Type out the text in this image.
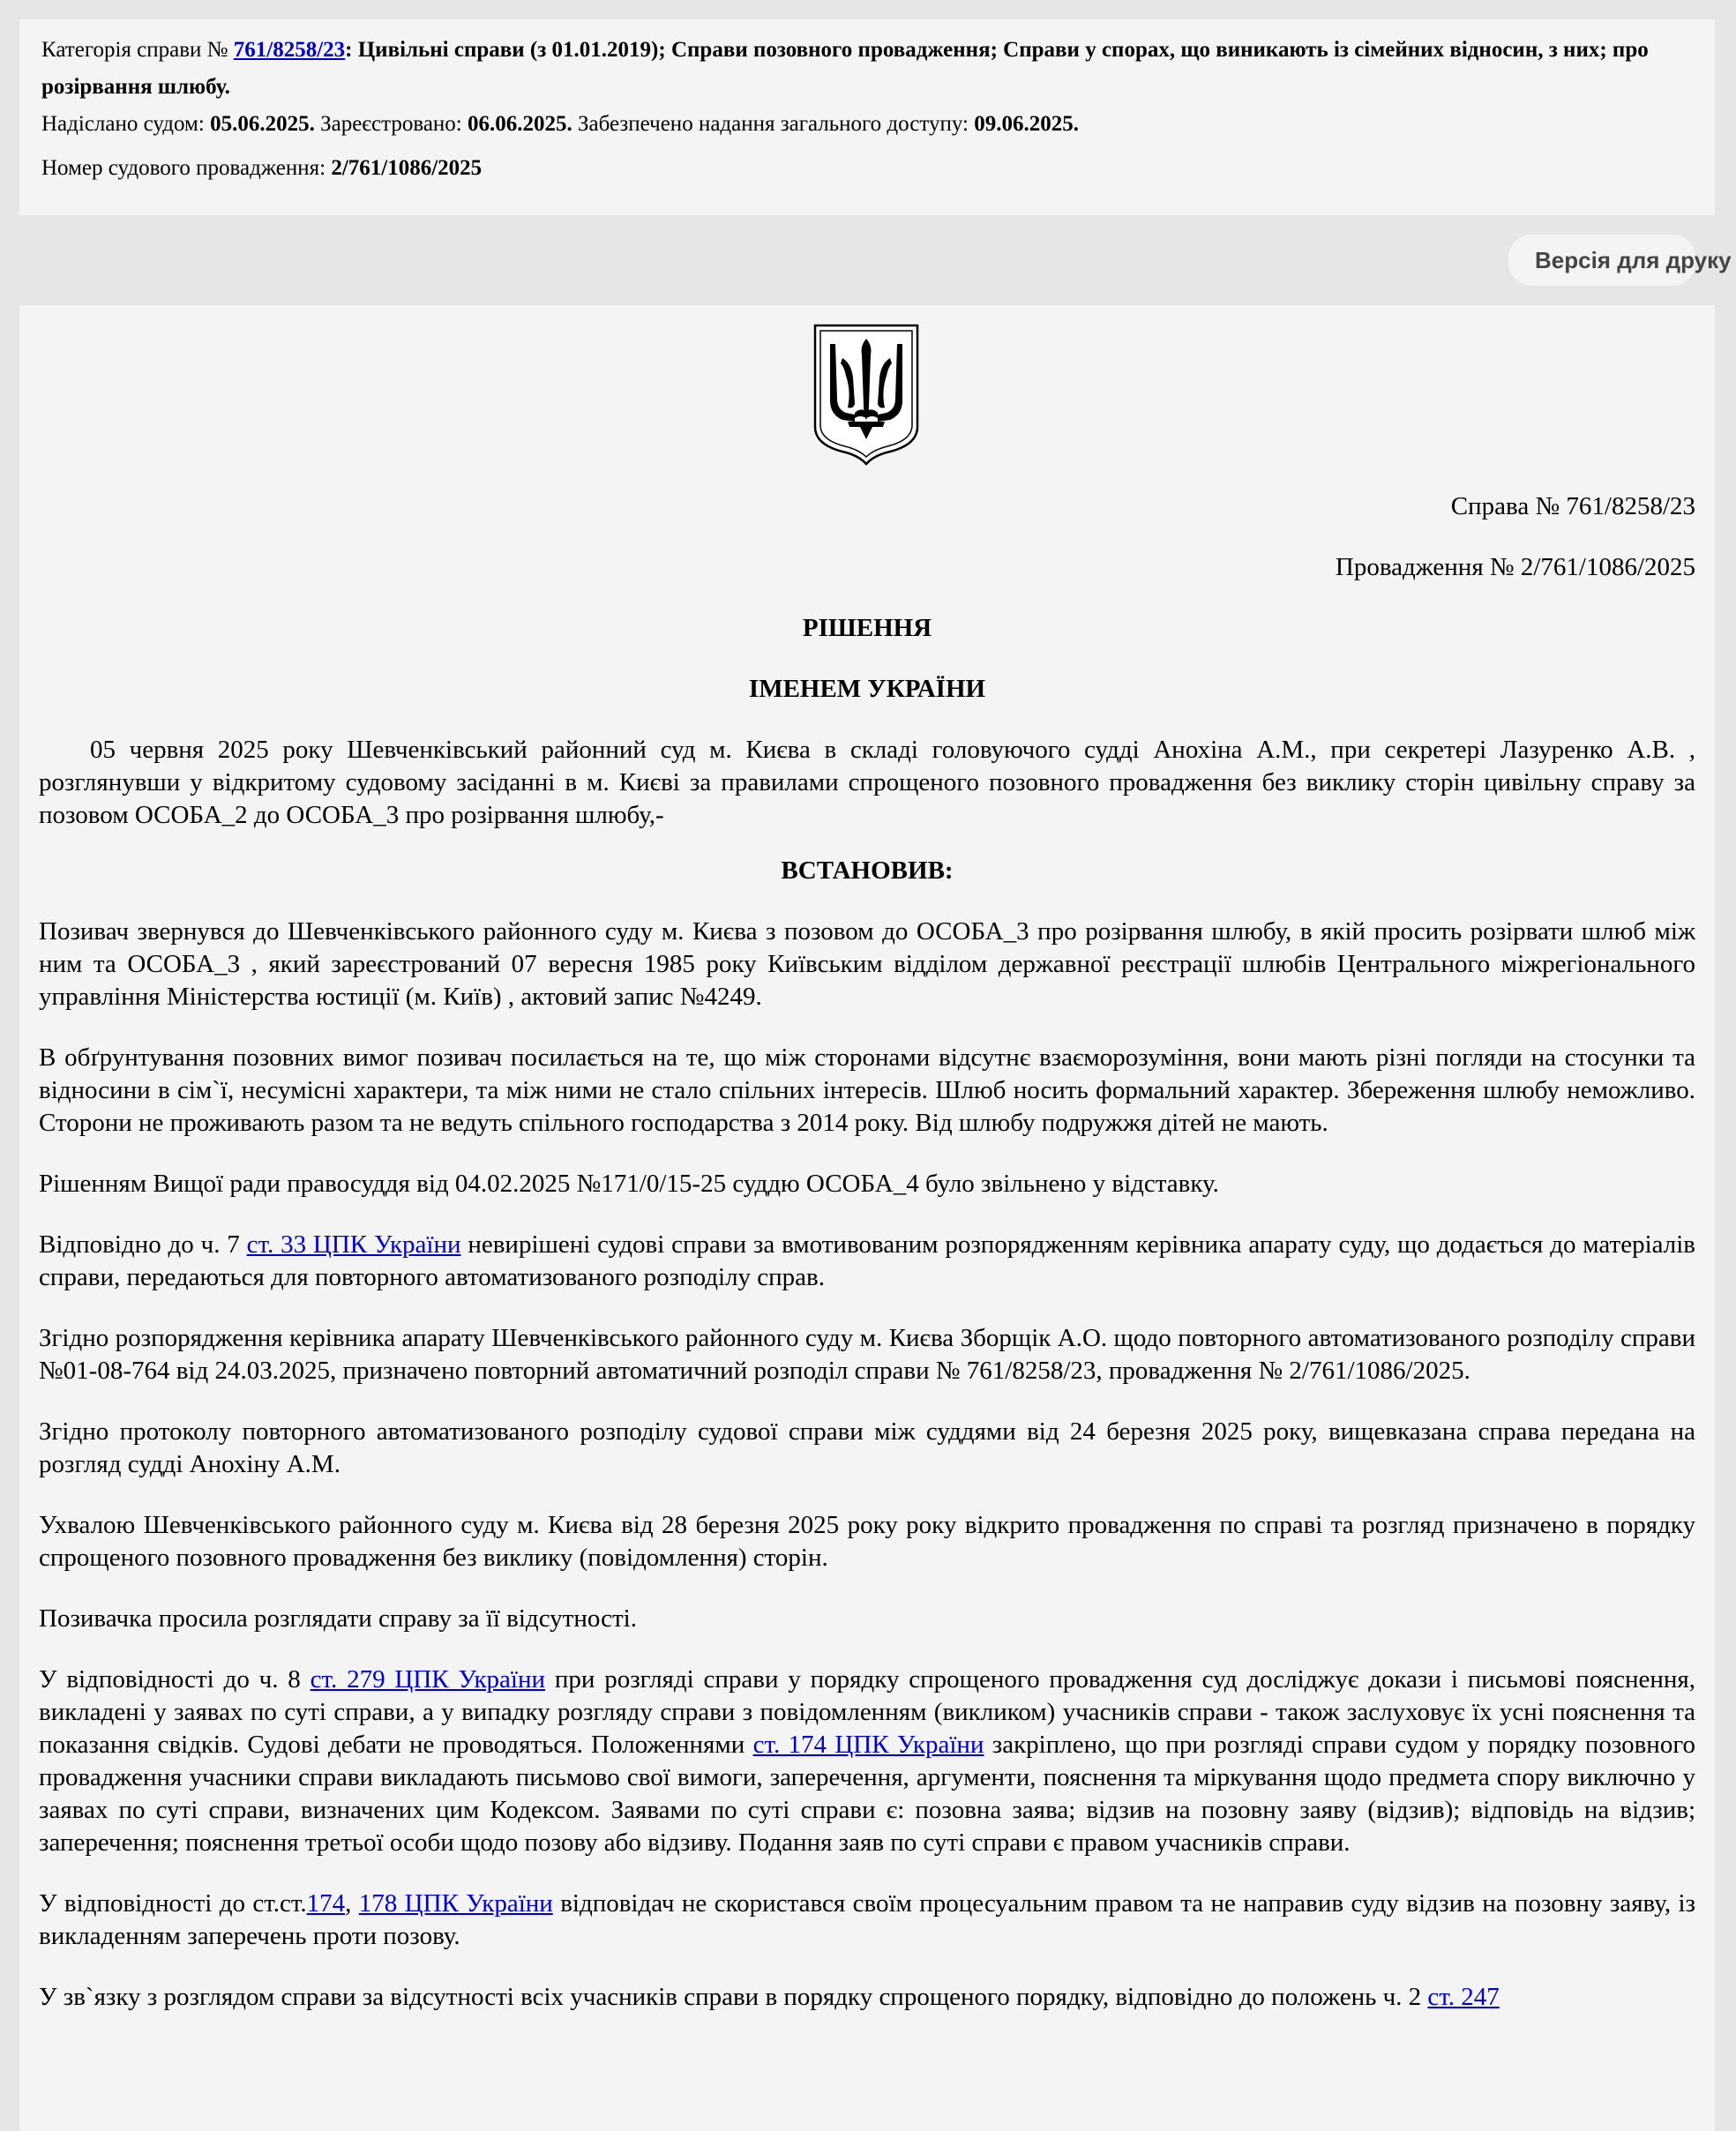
Категорія справи № 761/8258/23: Цивільні справи (з 01.01.2019); Справи позовного провадження; Справи у спорах, що виникають із сімейних відносин, з них; про розірвання шлюбу.
Надіслано судом: 05.06.2025. Зареєстровано: 06.06.2025. Забезпечено надання загального доступу: 09.06.2025.
Номер судового провадження: 2/761/1086/2025
Версія для друку
Справа № 761/8258/23
Провадження № 2/761/1086/2025
РІШЕННЯ
ІМЕНЕМ УКРАЇНИ
05 червня 2025 року Шевченківський районний суд м. Києва в складі головуючого судді Анохіна А.М., при секретері Лазуренко А.В. , розглянувши у відкритому судовому засіданні в м. Києві за правилами спрощеного позовного провадження без виклику сторін цивільну справу за позовом ОСОБА_2 до ОСОБА_3 про розірвання шлюбу,-
ВСТАНОВИВ:
Позивач звернувся до Шевченківського районного суду м. Києва з позовом до ОСОБА_3 про розірвання шлюбу, в якій просить розірвати шлюб між ним та ОСОБА_3 , який зареєстрований 07 вересня 1985 року Київським відділом державної реєстрації шлюбів Центрального міжрегіонального управління Міністерства юстиції (м. Київ) , актовий запис №4249.
В обґрунтування позовних вимог позивач посилається на те, що між сторонами відсутнє взаєморозуміння, вони мають різні погляди на стосунки та відносини в сім`ї, несумісні характери, та між ними не стало спільних інтересів. Шлюб носить формальний характер. Збереження шлюбу неможливо. Сторони не проживають разом та не ведуть спільного господарства з 2014 року. Від шлюбу подружжя дітей не мають.
Рішенням Вищої ради правосуддя від 04.02.2025 №171/0/15-25 суддю ОСОБА_4 було звільнено у відставку.
Відповідно до ч. 7 ст. 33 ЦПК України невирішені судові справи за вмотивованим розпорядженням керівника апарату суду, що додається до матеріалів справи, передаються для повторного автоматизованого розподілу справ.
Згідно розпорядження керівника апарату Шевченківського районного суду м. Києва Зборщік А.О. щодо повторного автоматизованого розподілу справи №01-08-764 від 24.03.2025, призначено повторний автоматичний розподіл справи № 761/8258/23, провадження № 2/761/1086/2025.
Згідно протоколу повторного автоматизованого розподілу судової справи між суддями від 24 березня 2025 року, вищевказана справа передана на розгляд судді Анохіну А.М.
Ухвалою Шевченківського районного суду м. Києва від 28 березня 2025 року року відкрито провадження по справі та розгляд призначено в порядку спрощеного позовного провадження без виклику (повідомлення) сторін.
Позивачка просила розглядати справу за її відсутності.
У відповідності до ч. 8 ст. 279 ЦПК України при розгляді справи у порядку спрощеного провадження суд досліджує докази і письмові пояснення, викладені у заявах по суті справи, а у випадку розгляду справи з повідомленням (викликом) учасників справи - також заслуховує їх усні пояснення та показання свідків. Судові дебати не проводяться. Положеннями ст. 174 ЦПК України закріплено, що при розгляді справи судом у порядку позовного провадження учасники справи викладають письмово свої вимоги, заперечення, аргументи, пояснення та міркування щодо предмета спору виключно у заявах по суті справи, визначених цим Кодексом. Заявами по суті справи є: позовна заява; відзив на позовну заяву (відзив); відповідь на відзив; заперечення; пояснення третьої особи щодо позову або відзиву. Подання заяв по суті справи є правом учасників справи.
У відповідності до ст.ст.174, 178 ЦПК України відповідач не скористався своїм процесуальним правом та не направив суду відзив на позовну заяву, із викладенням заперечень проти позову.
У зв`язку з розглядом справи за відсутності всіх учасників справи в порядку спрощеного порядку, відповідно до положень ч. 2 ст. 247
